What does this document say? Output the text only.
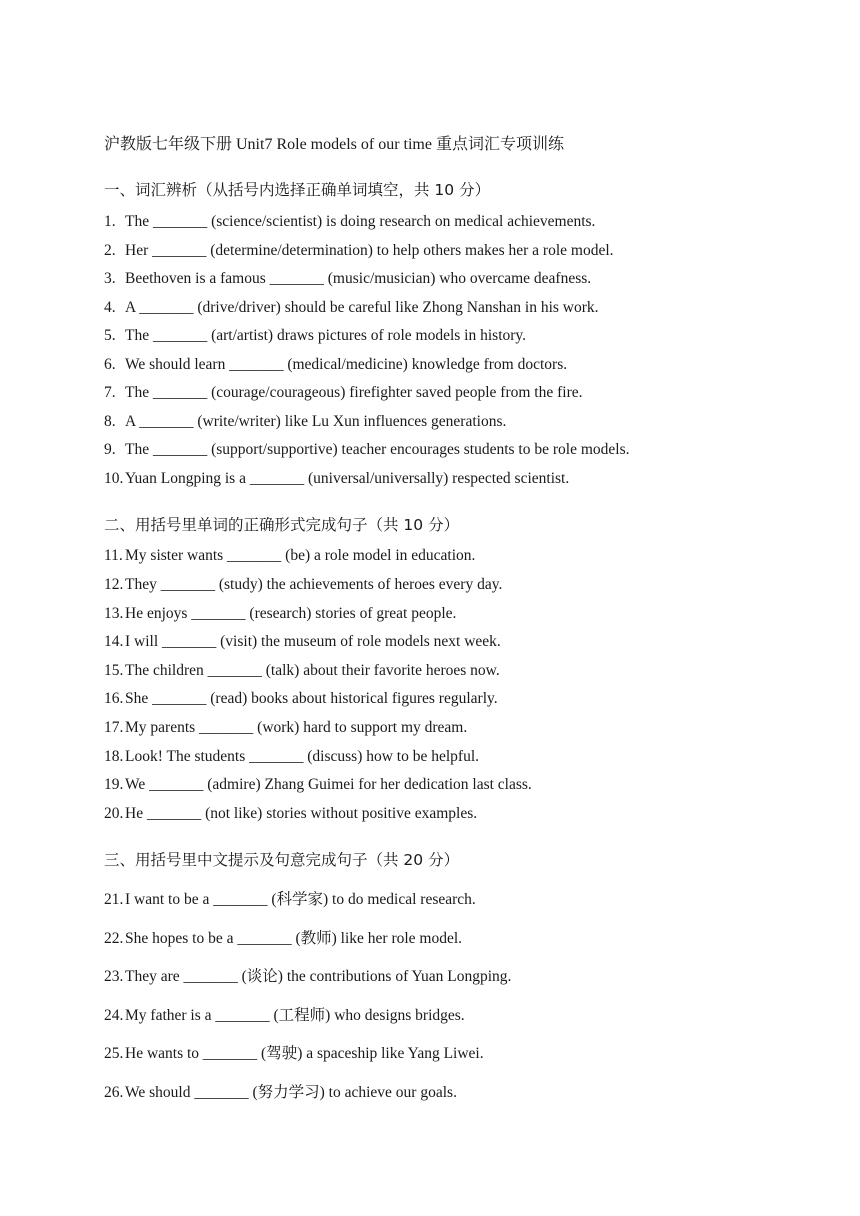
沪教版七年级下册 Unit7 Role models of our time 重点词汇专项训练
一、词汇辨析（从括号内选择正确单词填空，共 10 分）
1. The _______ (science/scientist) is doing research on medical achievements.
2. Her _______ (determine/determination) to help others makes her a role model.
3. Beethoven is a famous _______ (music/musician) who overcame deafness.
4. A _______ (drive/driver) should be careful like Zhong Nanshan in his work.
5. The _______ (art/artist) draws pictures of role models in history.
6. We should learn _______ (medical/medicine) knowledge from doctors.
7. The _______ (courage/courageous) firefighter saved people from the fire.
8. A _______ (write/writer) like Lu Xun influences generations.
9. The _______ (support/supportive) teacher encourages students to be role models.
10. Yuan Longping is a _______ (universal/universally) respected scientist.
二、用括号里单词的正确形式完成句子（共 10 分）
11. My sister wants _______ (be) a role model in education.
12. They _______ (study) the achievements of heroes every day.
13. He enjoys _______ (research) stories of great people.
14. I will _______ (visit) the museum of role models next week.
15. The children _______ (talk) about their favorite heroes now.
16. She _______ (read) books about historical figures regularly.
17. My parents _______ (work) hard to support my dream.
18. Look! The students _______ (discuss) how to be helpful.
19. We _______ (admire) Zhang Guimei for her dedication last class.
20. He _______ (not like) stories without positive examples.
三、用括号里中文提示及句意完成句子（共 20 分）
21. I want to be a _______ (科学家) to do medical research.
22. She hopes to be a _______ (教师) like her role model.
23. They are _______ (谈论) the contributions of Yuan Longping.
24. My father is a _______ (工程师) who designs bridges.
25. He wants to _______ (驾驶) a spaceship like Yang Liwei.
26. We should _______ (努力学习) to achieve our goals.
